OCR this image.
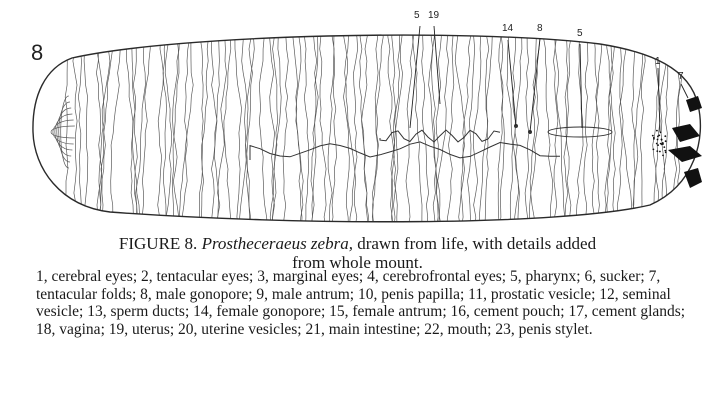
8
5 19
14 8	5
1
7
FIGURE 8. Prostheceraeus zebra, drawn from life, with details added
from whole mount.
1, cerebral eyes; 2, tentacular eyes; 3, marginal eyes; 4, cerebrofrontal eyes; 5, pharynx; 6, sucker; 7, tentacular folds; 8, male gonopore; 9, male antrum; 10, penis papilla; 11, prostatic vesicle; 12, seminal vesicle; 13, sperm ducts; 14, female gonopore; 15, female antrum; 16, cement pouch; 17, cement glands; 18, vagina; 19, uterus; 20, uterine vesicles; 21, main intestine; 22, mouth; 23, penis stylet.
